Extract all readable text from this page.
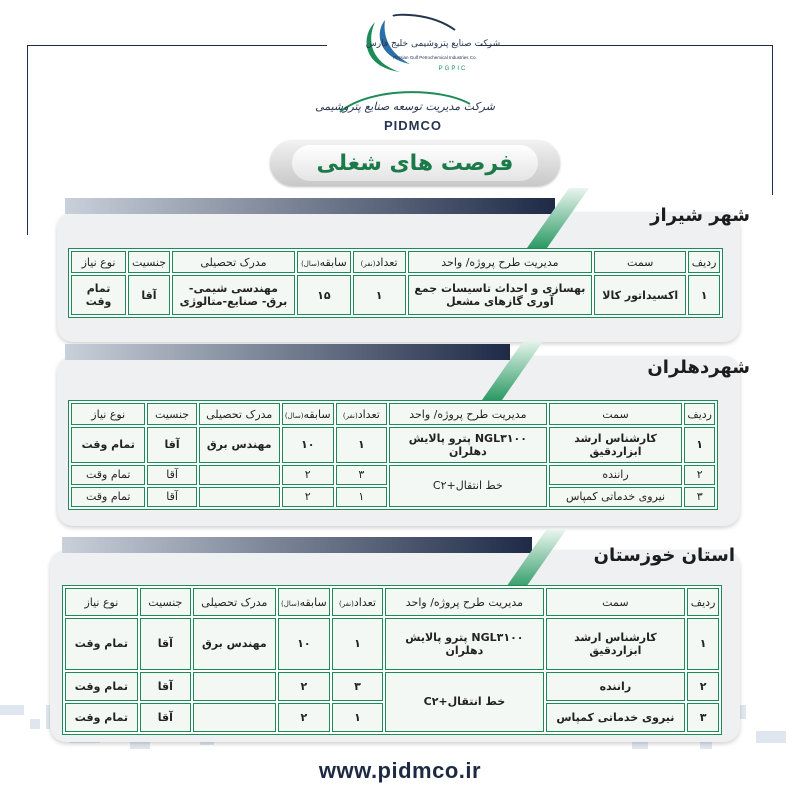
شرکت صنایع پتروشیمی خلیج فارس
Persian Gulf Petrochemical Industries Co.
PGPIC
شرکت مدیریت توسعه صنایع پتروشیمی
PIDMCO
فرصت های شغلی
شهر شیراز
ردیف	سمت	مدیریت طرح پروژه/ واحد	تعداد(نفر)	سابقه(سال)	مدرک تحصیلی	جنسیت	نوع نیاز
۱	اکسیداتور کالا	بهسازی و احداث تاسیسات جمع آوری گازهای مشعل	۱	۱۵	مهندسی شیمی- برق- صنایع-متالوژی	آقا	تمام وقت
شهردهلران
ردیف	سمت	مدیریت طرح پروژه/ واحد	تعداد(نفر)	سابقه(سال)	مدرک تحصیلی	جنسیت	نوع نیاز
۱	کارشناس ارشد ابزاردقیق	NGL۳۱۰۰ پترو پالایش دهلران	۱	۱۰	مهندس برق	آقا	تمام وقت
۲	راننده	خط انتقال+C۲	۳	۲		آقا	تمام وقت
۳	نیروی خدماتی کمپاس		۱	۲		آقا	تمام وقت
استان خوزستان
ردیف	سمت	مدیریت طرح پروژه/ واحد	تعداد(نفر)	سابقه(سال)	مدرک تحصیلی	جنسیت	نوع نیاز
۱	کارشناس ارشد ابزاردقیق	NGL۳۱۰۰ پترو پالایش دهلران	۱	۱۰	مهندس برق	آقا	تمام وقت
۲	راننده	خط انتقال+C۲	۳	۲		آقا	تمام وقت
۳	نیروی خدماتی کمپاس		۱	۲		آقا	تمام وقت
www.pidmco.ir
